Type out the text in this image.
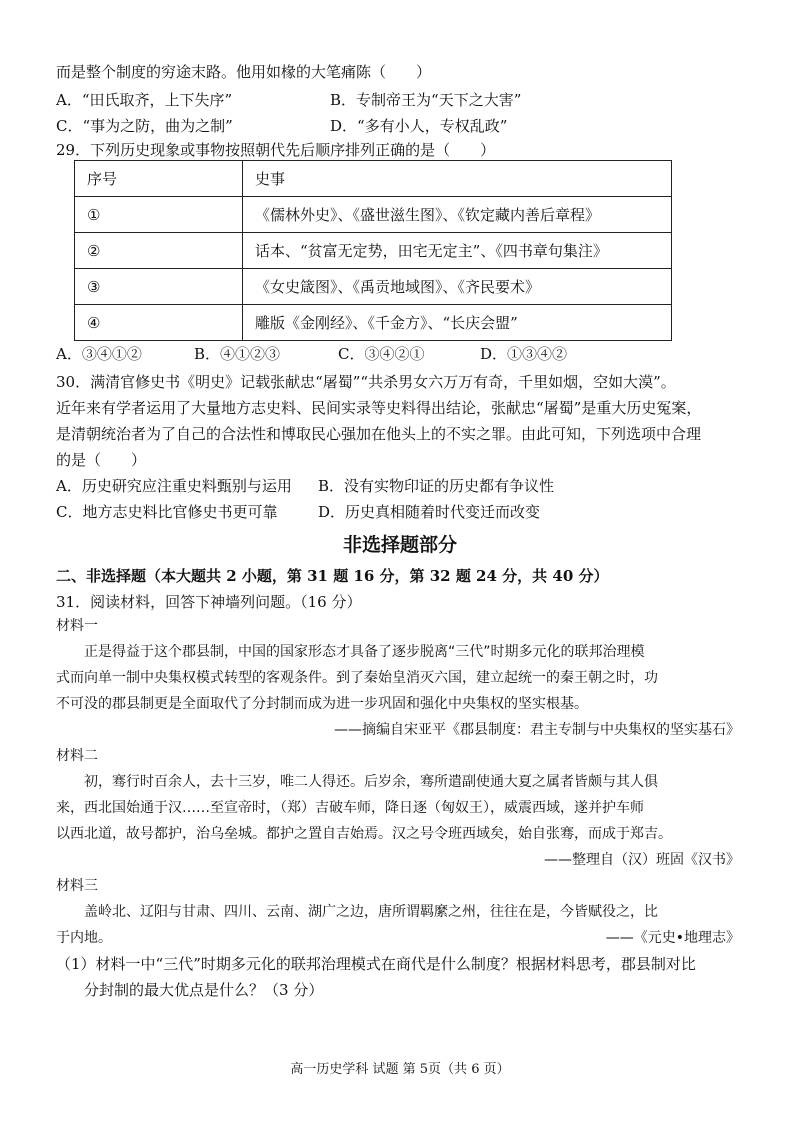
而是整个制度的穷途末路。他用如椽的大笔痛陈（　　）
A．“田氏取齐，上下失序”	B．专制帝王为“天下之大害”
C．“事为之防，曲为之制”	D．“多有小人，专权乱政”
29．下列历史现象或事物按照朝代先后顺序排列正确的是（　　）
序号	史事
①	《儒林外史》、《盛世滋生图》、《钦定藏内善后章程》
②	话本、“贫富无定势，田宅无定主”、《四书章句集注》
③	《女史箴图》、《禹贡地域图》、《齐民要术》
④	雕版《金刚经》、《千金方》、“长庆会盟”
A．③④①②	B．④①②③	C．③④②①	D．①③④②
30．满清官修史书《明史》记载张献忠“屠蜀”“共杀男女六万万有奇，千里如烟，空如大漠”。
近年来有学者运用了大量地方志史料、民间实录等史料得出结论，张献忠“屠蜀”是重大历史冤案，
是清朝统治者为了自己的合法性和博取民心强加在他头上的不实之罪。由此可知，下列选项中合理
的是（　　）
A．历史研究应注重史料甄别与运用 B．没有实物印证的历史都有争议性
C．地方志史料比官修史书更可靠	D．历史真相随着时代变迁而改变
非选择题部分
二、非选择题（本大题共 2 小题，第 31 题 16 分，第 32 题 24 分，共 40 分）
31．阅读材料，回答下神墙列问题。（16 分）
材料一
正是得益于这个郡县制，中国的国家形态才具备了逐步脱离“三代”时期多元化的联邦治理模
式而向单一制中央集权模式转型的客观条件。到了秦始皇消灭六国，建立起统一的秦王朝之时，功
不可没的郡县制更是全面取代了分封制而成为进一步巩固和强化中央集权的坚实根基。
——摘编自宋亚平《郡县制度：君主专制与中央集权的坚实基石》
材料二
初，骞行时百余人，去十三岁，唯二人得还。后岁余，骞所遣副使通大夏之属者皆颇与其人俱
来，西北国始通于汉……至宣帝时，（郑）吉破车师，降日逐（匈奴王），威震西域，遂并护车师
以西北道，故号都护，治乌垒城。都护之置自吉始焉。汉之号令班西域矣，始自张骞，而成于郑吉。
——整理自（汉）班固《汉书》
材料三
盖岭北、辽阳与甘肃、四川、云南、湖广之边，唐所谓羁縻之州，往往在是，今皆赋役之，比
于内地。	——《元史•地理志》
（1）材料一中“三代”时期多元化的联邦治理模式在商代是什么制度？根据材料思考，郡县制对比
分封制的最大优点是什么？（3 分）
高一历史学科 试题 第 5页（共 6 页）
